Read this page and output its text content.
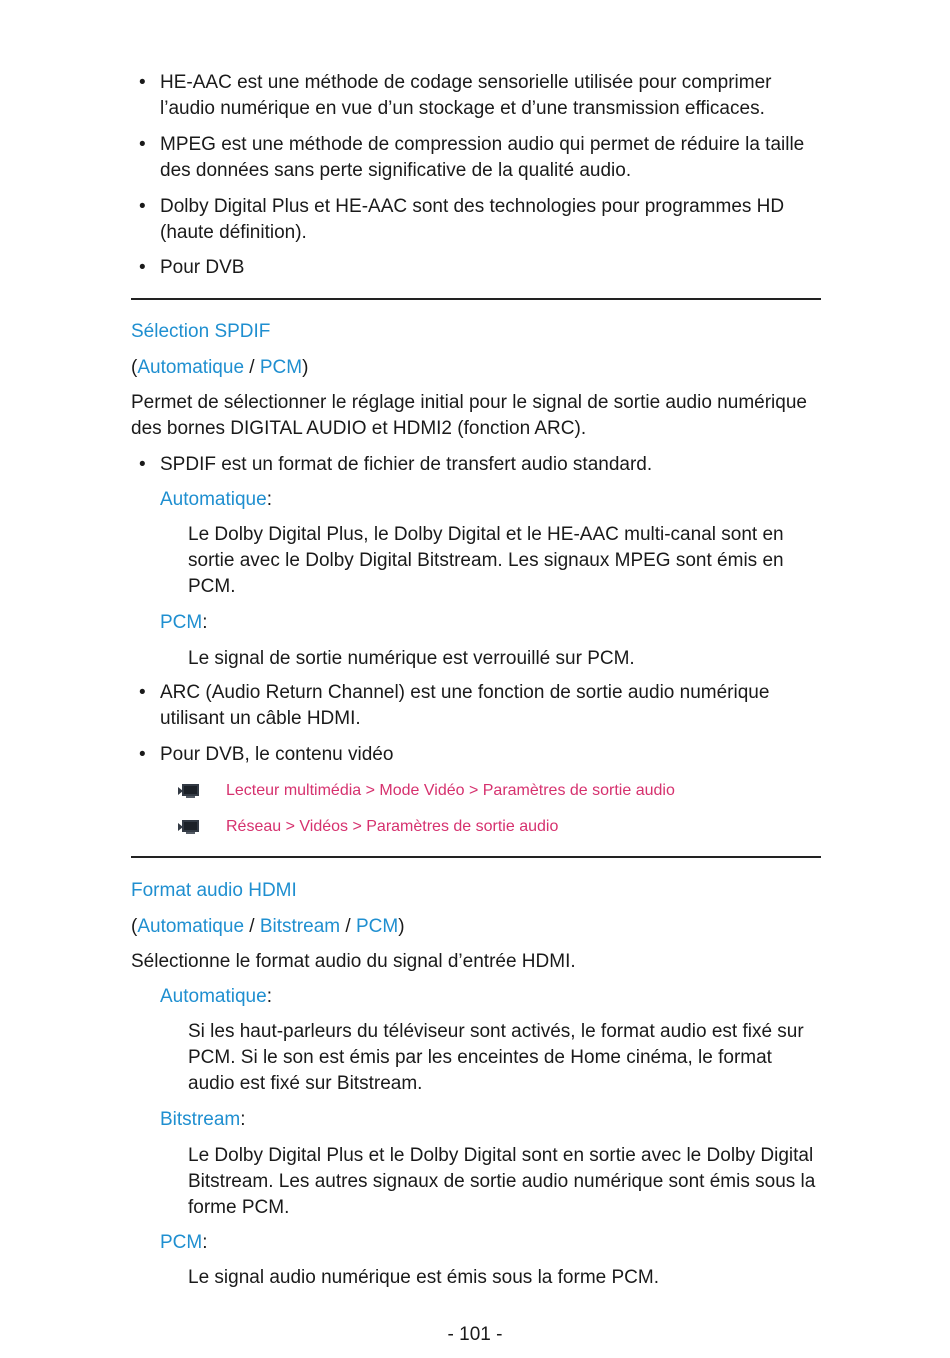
• HE-AAC est une méthode de codage sensorielle utilisée pour comprimer l’audio numérique en vue d’un stockage et d’une transmission efficaces.
• MPEG est une méthode de compression audio qui permet de réduire la taille des données sans perte significative de la qualité audio.
• Dolby Digital Plus et HE-AAC sont des technologies pour programmes HD (haute définition).
• Pour DVB
Sélection SPDIF
(Automatique / PCM)
Permet de sélectionner le réglage initial pour le signal de sortie audio numérique des bornes DIGITAL AUDIO et HDMI2 (fonction ARC).
• SPDIF est un format de fichier de transfert audio standard.
Automatique:
Le Dolby Digital Plus, le Dolby Digital et le HE-AAC multi-canal sont en sortie avec le Dolby Digital Bitstream. Les signaux MPEG sont émis en PCM.
PCM:
Le signal de sortie numérique est verrouillé sur PCM.
• ARC (Audio Return Channel) est une fonction de sortie audio numérique utilisant un câble HDMI.
• Pour DVB, le contenu vidéo
Lecteur multimédia > Mode Vidéo > Paramètres de sortie audio
Réseau > Vidéos > Paramètres de sortie audio
Format audio HDMI
(Automatique / Bitstream / PCM)
Sélectionne le format audio du signal d’entrée HDMI.
Automatique:
Si les haut-parleurs du téléviseur sont activés, le format audio est fixé sur PCM. Si le son est émis par les enceintes de Home cinéma, le format audio est fixé sur Bitstream.
Bitstream:
Le Dolby Digital Plus et le Dolby Digital sont en sortie avec le Dolby Digital Bitstream. Les autres signaux de sortie audio numérique sont émis sous la forme PCM.
PCM:
Le signal audio numérique est émis sous la forme PCM.
- 101 -
